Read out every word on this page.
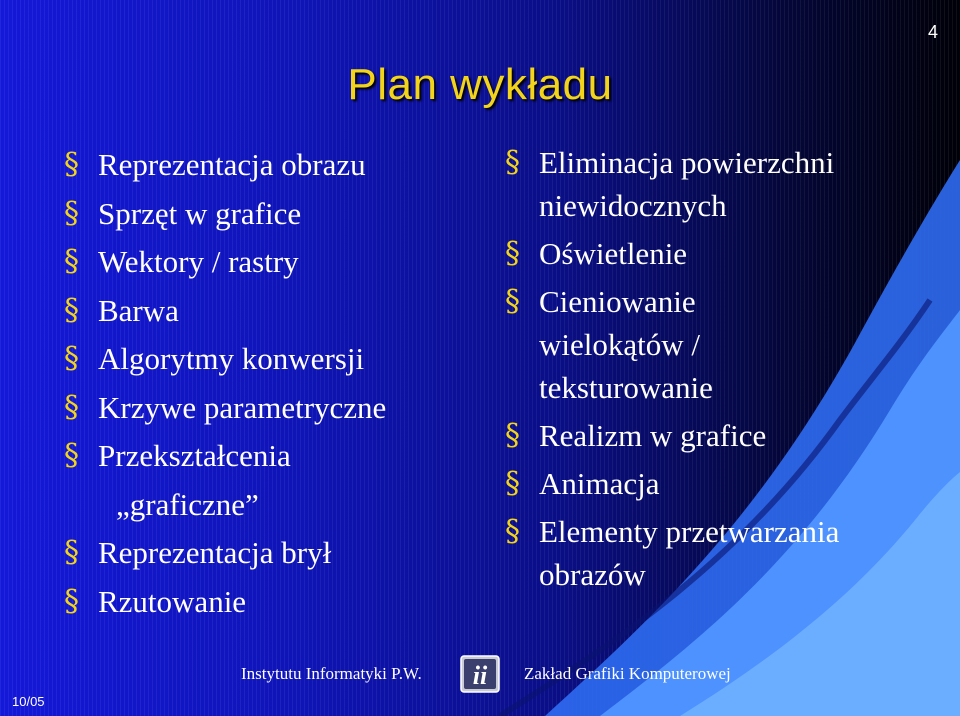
4
Plan wykładu
§ Reprezentacja obrazu
§ Sprzęt w grafice
§ Wektory / rastry
§ Barwa
§ Algorytmy konwersji
§ Krzywe parametryczne
§ Przekształcenia
„graficzne”
§ Reprezentacja brył
§ Rzutowanie
§ Eliminacja powierzchni
niewidocznych
§ Oświetlenie
§ Cieniowanie
wielokątów /
teksturowanie
§ Realizm w grafice
§ Animacja
§ Elementy przetwarzania
obrazów
Instytutu Informatyki P.W. ii Zakład Grafiki Komputerowej
10/05
